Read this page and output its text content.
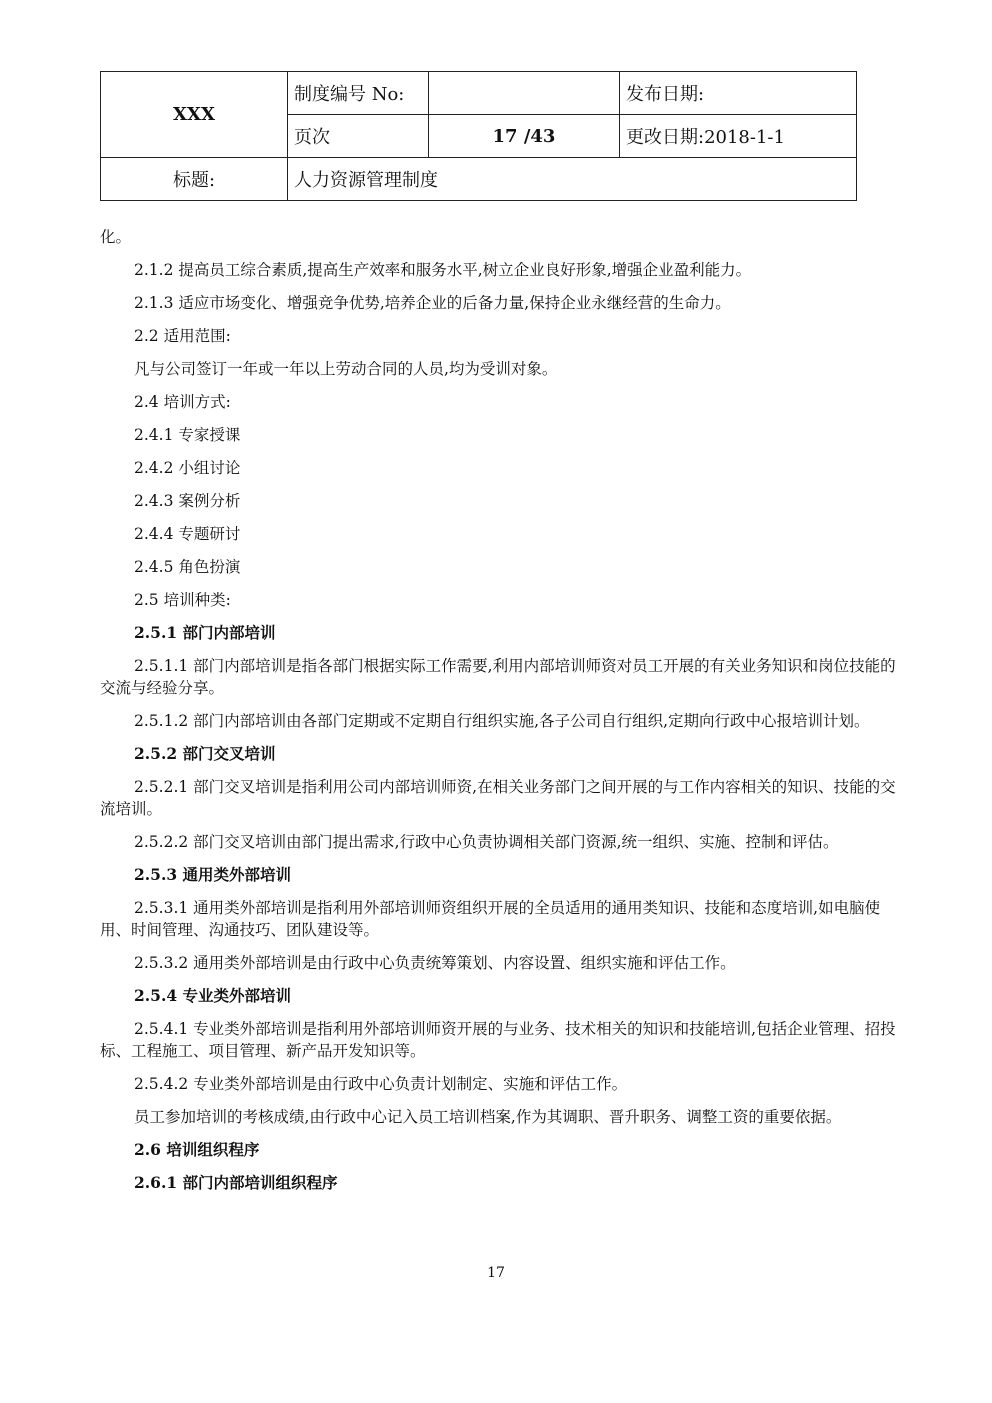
XXX	制度编号 No:		发布日期:
	页次	17 /43	更改日期:2018-1-1
标题:	人力资源管理制度		

化。

2.1.2 提高员工综合素质,提高生产效率和服务水平,树立企业良好形象,增强企业盈利能力。

2.1.3 适应市场变化、增强竞争优势,培养企业的后备力量,保持企业永继经营的生命力。

2.2 适用范围:

凡与公司签订一年或一年以上劳动合同的人员,均为受训对象。

2.4 培训方式:

2.4.1 专家授课

2.4.2 小组讨论

2.4.3 案例分析

2.4.4 专题研讨

2.4.5 角色扮演

2.5 培训种类:

2.5.1 部门内部培训

2.5.1.1 部门内部培训是指各部门根据实际工作需要,利用内部培训师资对员工开展的有关业务知识和岗位技能的交流与经验分享。

2.5.1.2 部门内部培训由各部门定期或不定期自行组织实施,各子公司自行组织,定期向行政中心报培训计划。

2.5.2 部门交叉培训

2.5.2.1 部门交叉培训是指利用公司内部培训师资,在相关业务部门之间开展的与工作内容相关的知识、技能的交流培训。

2.5.2.2 部门交叉培训由部门提出需求,行政中心负责协调相关部门资源,统一组织、实施、控制和评估。

2.5.3 通用类外部培训

2.5.3.1 通用类外部培训是指利用外部培训师资组织开展的全员适用的通用类知识、技能和态度培训,如电脑使用、时间管理、沟通技巧、团队建设等。

2.5.3.2 通用类外部培训是由行政中心负责统筹策划、内容设置、组织实施和评估工作。

2.5.4 专业类外部培训

2.5.4.1 专业类外部培训是指利用外部培训师资开展的与业务、技术相关的知识和技能培训,包括企业管理、招投标、工程施工、项目管理、新产品开发知识等。

2.5.4.2 专业类外部培训是由行政中心负责计划制定、实施和评估工作。

员工参加培训的考核成绩,由行政中心记入员工培训档案,作为其调职、晋升职务、调整工资的重要依据。

2.6 培训组织程序

2.6.1 部门内部培训组织程序

17
